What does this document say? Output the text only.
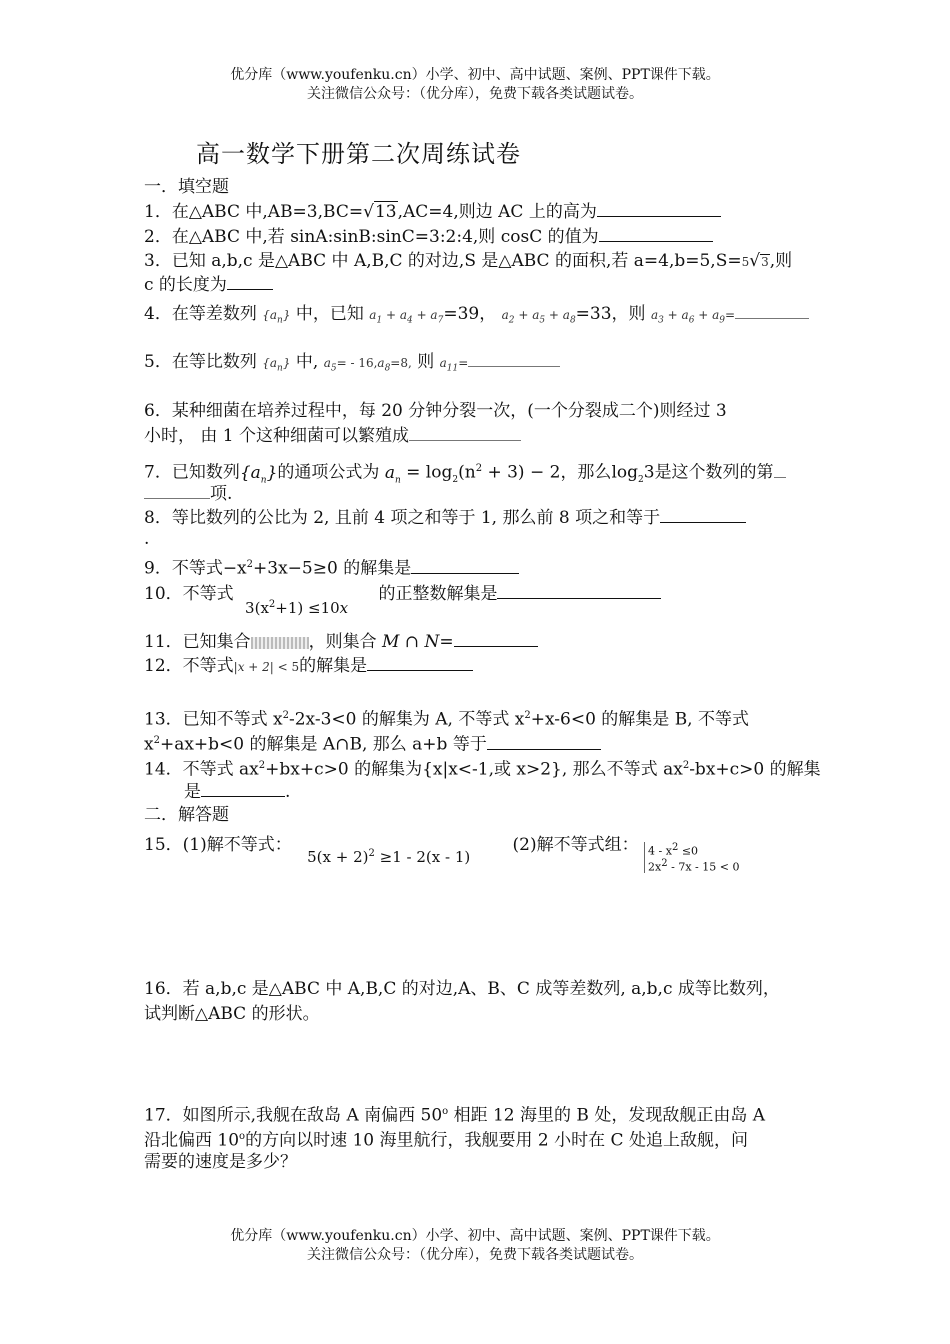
优分库（www.youfenku.cn）小学、初中、高中试题、案例、PPT课件下载。
关注微信公众号：（优分库），免费下载各类试题试卷。
高一数学下册第二次周练试卷
一．填空题
1．在△ABC 中,AB=3,BC=√13,AC=4,则边 AC 上的高为
2．在△ABC 中,若 sinA:sinB:sinC=3:2:4,则 cosC 的值为
3．已知 a,b,c 是△ABC 中 A,B,C 的对边,S 是△ABC 的面积,若 a=4,b=5,S=5√3,则
c 的长度为
4．在等差数列 $\{a_n\}$ 中，已知 $a_1 + a_4 + a_7=39$， $a_2 + a_5 + a_8=33$，则 $a_3 + a_6 + a_9=$
5．在等比数列 $\{a_n\}$ 中, $a_5= - 16,a_8=8$, 则 $a_{11}=$
6．某种细菌在培养过程中，每 20 分钟分裂一次，(一个分裂成二个)则经过 3
小时， 由 1 个这种细菌可以繁殖成
7．已知数列$\{a_n\}$的通项公式为 $a_n = \log_2(n^2 + 3) - 2$，那么$\log_23$是这个数列的第
项.
8．等比数列的公比为 2, 且前 4 项之和等于 1, 那么前 8 项之和等于
.
9．不等式$-x^2+3x-5\ge 0$ 的解集是
10．不等式 $3(x^2+1) \le 10x$ 的正整数解集是
11．已知集合	，则集合 M ∩ N=
12．不等式|x + 2| < 5的解集是
13．已知不等式 $x^2-2x-3<0$ 的解集为 A, 不等式 $x^2+x-6<0$ 的解集是 B, 不等式
$x^2+ax+b<0$ 的解集是 A∩B, 那么 a+b 等于
14．不等式 $ax^2+bx+c>0$ 的解集为{x|x<-1,或 x>2}, 那么不等式 $ax^2-bx+c>0$ 的解集
是	.
二．解答题
15．(1)解不等式： $5(x + 2)^2 \ge 1 - 2(x - 1)$ (2)解不等式组： $4 - x^2 \le 0$
$2x^2 - 7x - 15 < 0$
16．若 a,b,c 是△ABC 中 A,B,C 的对边,A、B、C 成等差数列, a,b,c 成等比数列，
试判断△ABC 的形状。
17．如图所示,我舰在敌岛 A 南偏西 50$^o$ 相距 12 海里的 B 处，发现敌舰正由岛 A
沿北偏西 10$^o$的方向以时速 10 海里航行，我舰要用 2 小时在 C 处追上敌舰，问
需要的速度是多少？
优分库（www.youfenku.cn）小学、初中、高中试题、案例、PPT课件下载。
关注微信公众号：（优分库），免费下载各类试题试卷。
